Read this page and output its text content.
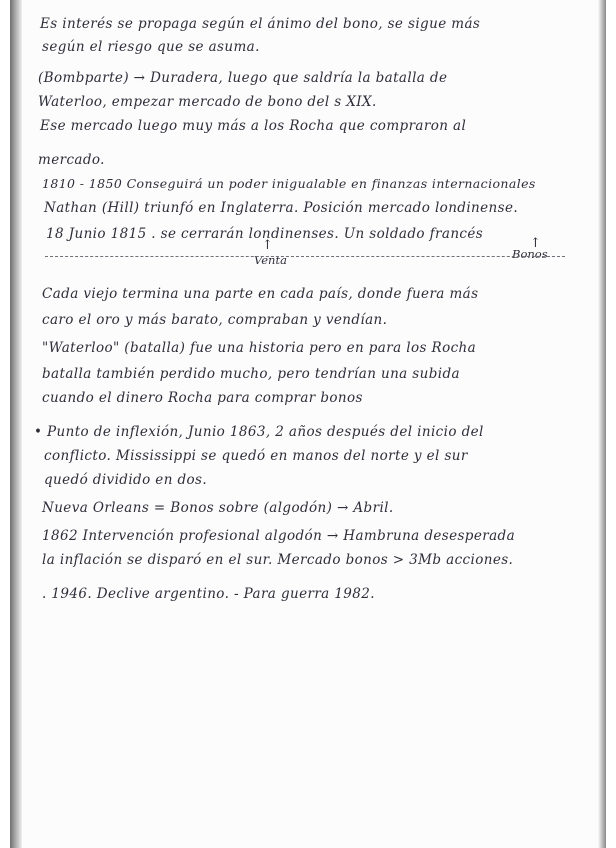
Es interés se propaga según el ánimo del bono, se sigue más
según el riesgo que se asuma.
(Bombparte) → Duradera, luego que saldría la batalla de
Waterloo, empezar mercado de bono del s XIX.
Ese mercado luego muy más a los Rocha que compraron al
mercado.
1810 - 1850 Conseguirá un poder inigualable en finanzas internacionales
Nathan (Hill) triunfó en Inglaterra. Posición mercado londinense.
18 Junio 1815 . se cerrarán londinenses. Un soldado francés
↑
Venta
↑
Bonos
Cada viejo termina una parte en cada país, donde fuera más
caro el oro y más barato, compraban y vendían.
"Waterloo" (batalla) fue una historia pero en para los Rocha
batalla también perdido mucho, pero tendrían una subida
cuando el dinero Rocha para comprar bonos
• Punto de inflexión, Junio 1863, 2 años después del inicio del
conflicto. Mississippi se quedó en manos del norte y el sur
quedó dividido en dos.
Nueva Orleans = Bonos sobre (algodón) → Abril.
1862 Intervención profesional algodón → Hambruna desesperada
la inflación se disparó en el sur. Mercado bonos > 3Mb acciones.
. 1946. Declive argentino. - Para guerra 1982.
